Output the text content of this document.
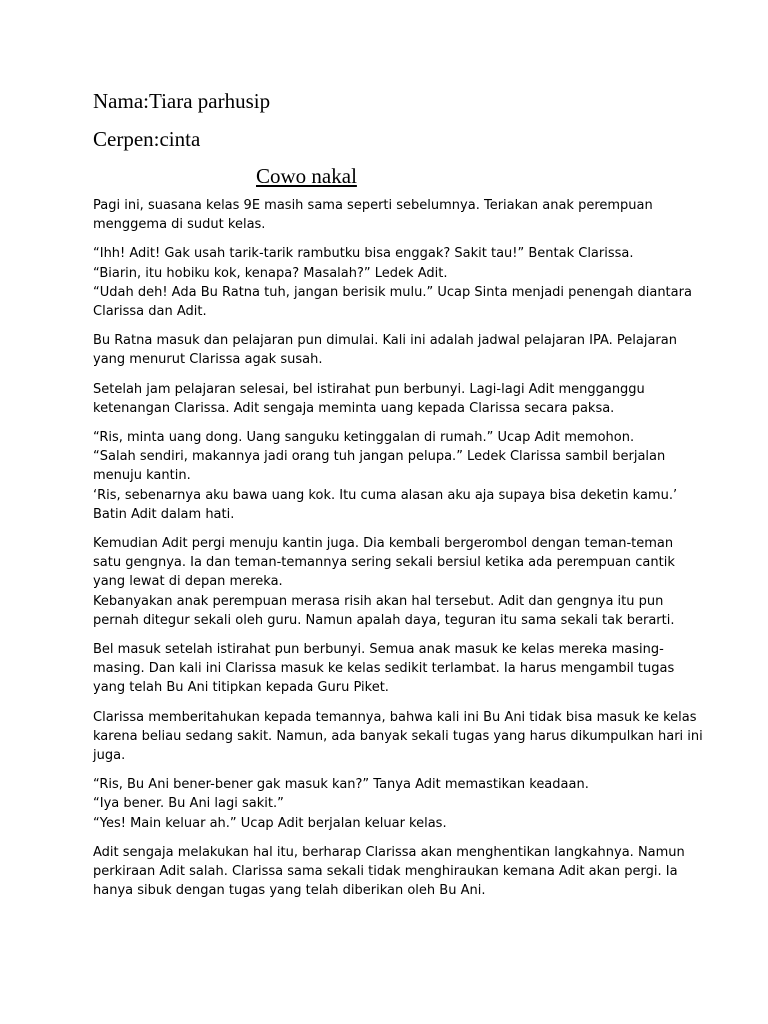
Nama:Tiara parhusip
Cerpen:cinta
Cowo nakal

Pagi ini, suasana kelas 9E masih sama seperti sebelumnya. Teriakan anak perempuan
menggema di sudut kelas.

“Ihh! Adit! Gak usah tarik-tarik rambutku bisa enggak? Sakit tau!” Bentak Clarissa.
“Biarin, itu hobiku kok, kenapa? Masalah?” Ledek Adit.
“Udah deh! Ada Bu Ratna tuh, jangan berisik mulu.” Ucap Sinta menjadi penengah diantara
Clarissa dan Adit.

Bu Ratna masuk dan pelajaran pun dimulai. Kali ini adalah jadwal pelajaran IPA. Pelajaran
yang menurut Clarissa agak susah.

Setelah jam pelajaran selesai, bel istirahat pun berbunyi. Lagi-lagi Adit mengganggu
ketenangan Clarissa. Adit sengaja meminta uang kepada Clarissa secara paksa.

“Ris, minta uang dong. Uang sanguku ketinggalan di rumah.” Ucap Adit memohon.
“Salah sendiri, makannya jadi orang tuh jangan pelupa.” Ledek Clarissa sambil berjalan
menuju kantin.
‘Ris, sebenarnya aku bawa uang kok. Itu cuma alasan aku aja supaya bisa deketin kamu.’
Batin Adit dalam hati.

Kemudian Adit pergi menuju kantin juga. Dia kembali bergerombol dengan teman-teman
satu gengnya. Ia dan teman-temannya sering sekali bersiul ketika ada perempuan cantik
yang lewat di depan mereka.
Kebanyakan anak perempuan merasa risih akan hal tersebut. Adit dan gengnya itu pun
pernah ditegur sekali oleh guru. Namun apalah daya, teguran itu sama sekali tak berarti.

Bel masuk setelah istirahat pun berbunyi. Semua anak masuk ke kelas mereka masing-
masing. Dan kali ini Clarissa masuk ke kelas sedikit terlambat. Ia harus mengambil tugas
yang telah Bu Ani titipkan kepada Guru Piket.

Clarissa memberitahukan kepada temannya, bahwa kali ini Bu Ani tidak bisa masuk ke kelas
karena beliau sedang sakit. Namun, ada banyak sekali tugas yang harus dikumpulkan hari ini
juga.

“Ris, Bu Ani bener-bener gak masuk kan?” Tanya Adit memastikan keadaan.
“Iya bener. Bu Ani lagi sakit.”
“Yes! Main keluar ah.” Ucap Adit berjalan keluar kelas.

Adit sengaja melakukan hal itu, berharap Clarissa akan menghentikan langkahnya. Namun
perkiraan Adit salah. Clarissa sama sekali tidak menghiraukan kemana Adit akan pergi. Ia
hanya sibuk dengan tugas yang telah diberikan oleh Bu Ani.
